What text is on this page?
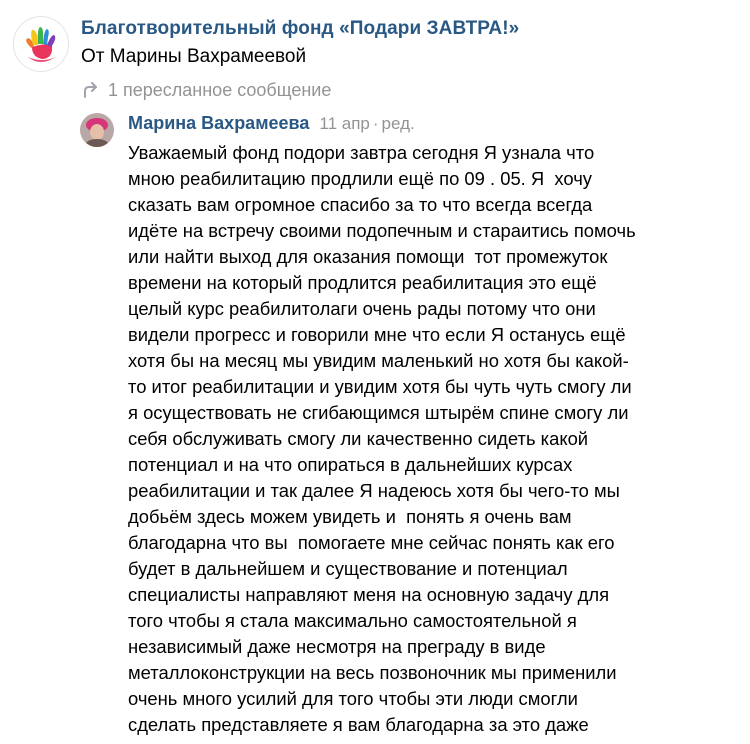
Благотворительный фонд «Подари ЗАВТРА!»
От Марины Вахрамеевой
1 пересланное сообщение
Марина Вахрамеева 11 апр · ред.
Уважаемый фонд подори завтра сегодня Я узнала что
мною реабилитацию продлили ещё по 09 . 05. Я  хочу
сказать вам огромное спасибо за то что всегда всегда
идёте на встречу своими подопечным и стараитись помочь
или найти выход для оказания помощи  тот промежуток
времени на который продлится реабилитация это ещё
целый курс реабилитолаги очень рады потому что они
видели прогресс и говорили мне что если Я останусь ещё
хотя бы на месяц мы увидим маленький но хотя бы какой-
то итог реабилитации и увидим хотя бы чуть чуть смогу ли
я осуществовать не сгибающимся штырём спине смогу ли
себя обслуживать смогу ли качественно сидеть какой
потенциал и на что опираться в дальнейших курсах
реабилитации и так далее Я надеюсь хотя бы чего-то мы
добьём здесь можем увидеть и  понять я очень вам
благодарна что вы  помогаете мне сейчас понять как его
будет в дальнейшем и существование и потенциал
специалисты направляют меня на основную задачу для
того чтобы я стала максимально самостоятельной я
независимый даже несмотря на преграду в виде
металлоконструкции на весь позвоночник мы применили
очень много усилий для того чтобы эти люди смогли
сделать представляете я вам благодарна за это даже
